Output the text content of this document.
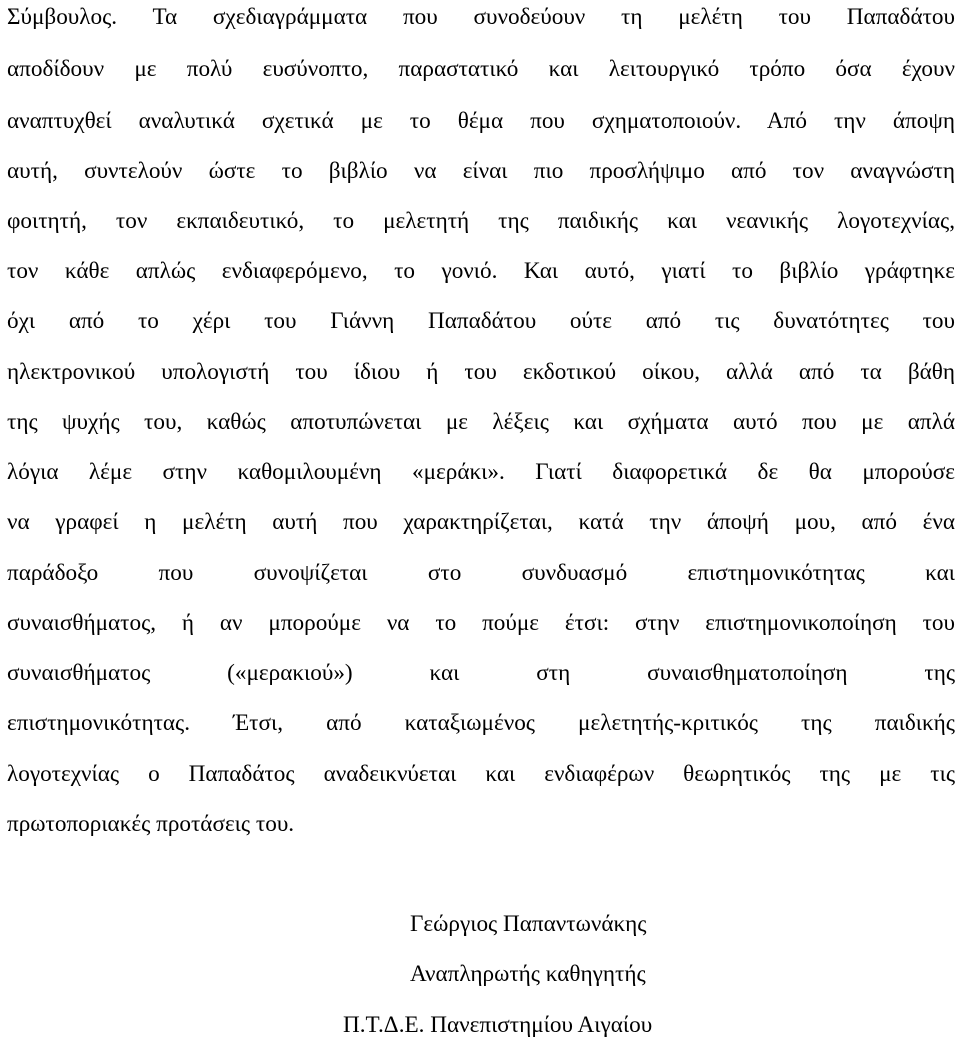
Σύμβουλος. Τα σχεδιαγράμματα που συνοδεύουν τη μελέτη του Παπαδάτου
αποδίδουν με πολύ ευσύνοπτο, παραστατικό και λειτουργικό τρόπο όσα έχουν
αναπτυχθεί αναλυτικά σχετικά με το θέμα που σχηματοποιούν. Από την άποψη
αυτή, συντελούν ώστε το βιβλίο να είναι πιο προσλήψιμο από τον αναγνώστη
φοιτητή, τον εκπαιδευτικό, το μελετητή της παιδικής και νεανικής λογοτεχνίας,
τον κάθε απλώς ενδιαφερόμενο, το γονιό. Και αυτό, γιατί το βιβλίο γράφτηκε
όχι από το χέρι του Γιάννη Παπαδάτου ούτε από τις δυνατότητες του
ηλεκτρονικού υπολογιστή του ίδιου ή του εκδοτικού οίκου, αλλά από τα βάθη
της ψυχής του, καθώς αποτυπώνεται με λέξεις και σχήματα αυτό που με απλά
λόγια λέμε στην καθομιλουμένη «μεράκι». Γιατί διαφορετικά δε θα μπορούσε
να γραφεί η μελέτη αυτή που χαρακτηρίζεται, κατά την άποψή μου, από ένα
παράδοξο που συνοψίζεται στο συνδυασμό επιστημονικότητας και
συναισθήματος, ή αν μπορούμε να το πούμε έτσι: στην επιστημονικοποίηση του
συναισθήματος («μερακιού») και στη συναισθηματοποίηση της
επιστημονικότητας. Έτσι, από καταξιωμένος μελετητής-κριτικός της παιδικής
λογοτεχνίας ο Παπαδάτος αναδεικνύεται και ενδιαφέρων θεωρητικός της με τις
πρωτοποριακές προτάσεις του.
Γεώργιος Παπαντωνάκης
Αναπληρωτής καθηγητής
Π.Τ.Δ.Ε. Πανεπιστημίου Αιγαίου
